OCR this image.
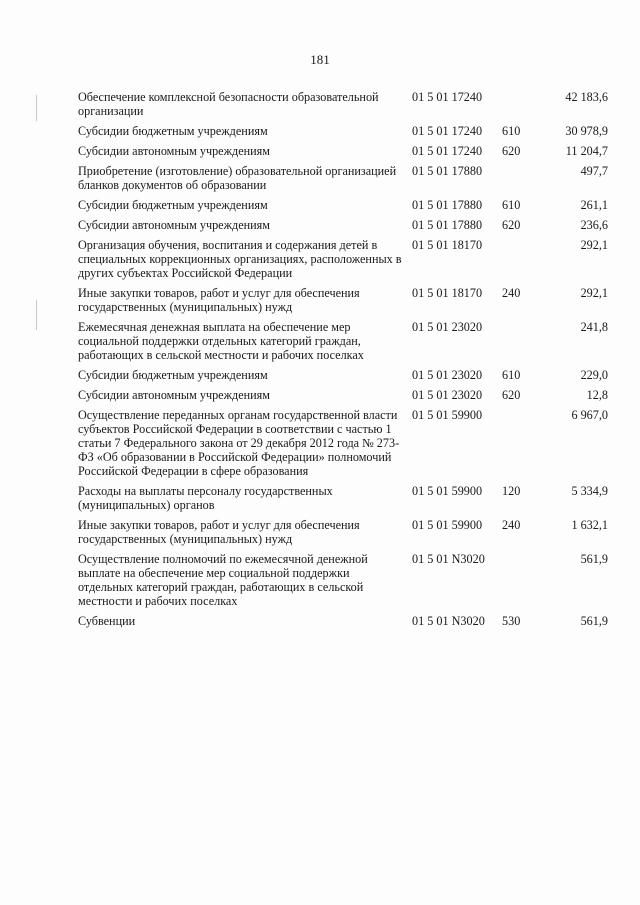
181
Обеспечение комплексной безопасности образовательной организации	01 5 01 17240		42 183,6
Субсидии бюджетным учреждениям	01 5 01 17240	610	30 978,9
Субсидии автономным учреждениям	01 5 01 17240	620	11 204,7
Приобретение (изготовление) образовательной организацией бланков документов об образовании	01 5 01 17880		497,7
Субсидии бюджетным учреждениям	01 5 01 17880	610	261,1
Субсидии автономным учреждениям	01 5 01 17880	620	236,6
Организация обучения, воспитания и содержания детей в специальных коррекционных организациях, расположенных в других субъектах Российской Федерации	01 5 01 18170		292,1
Иные закупки товаров, работ и услуг для обеспечения государственных (муниципальных) нужд	01 5 01 18170	240	292,1
Ежемесячная денежная выплата на обеспечение мер социальной поддержки отдельных категорий граждан, работающих в сельской местности и рабочих поселках	01 5 01 23020		241,8
Субсидии бюджетным учреждениям	01 5 01 23020	610	229,0
Субсидии автономным учреждениям	01 5 01 23020	620	12,8
Осуществление переданных органам государственной власти субъектов Российской Федерации в соответствии с частью 1 статьи 7 Федерального закона от 29 декабря 2012 года № 273-ФЗ «Об образовании в Российской Федерации» полномочий Российской Федерации в сфере образования	01 5 01 59900		6 967,0
Расходы на выплаты персоналу государственных (муниципальных) органов	01 5 01 59900	120	5 334,9
Иные закупки товаров, работ и услуг для обеспечения государственных (муниципальных) нужд	01 5 01 59900	240	1 632,1
Осуществление полномочий по ежемесячной денежной выплате на обеспечение мер социальной поддержки отдельных категорий граждан, работающих в сельской местности и рабочих поселках	01 5 01 N3020		561,9
Субвенции	01 5 01 N3020	530	561,9
